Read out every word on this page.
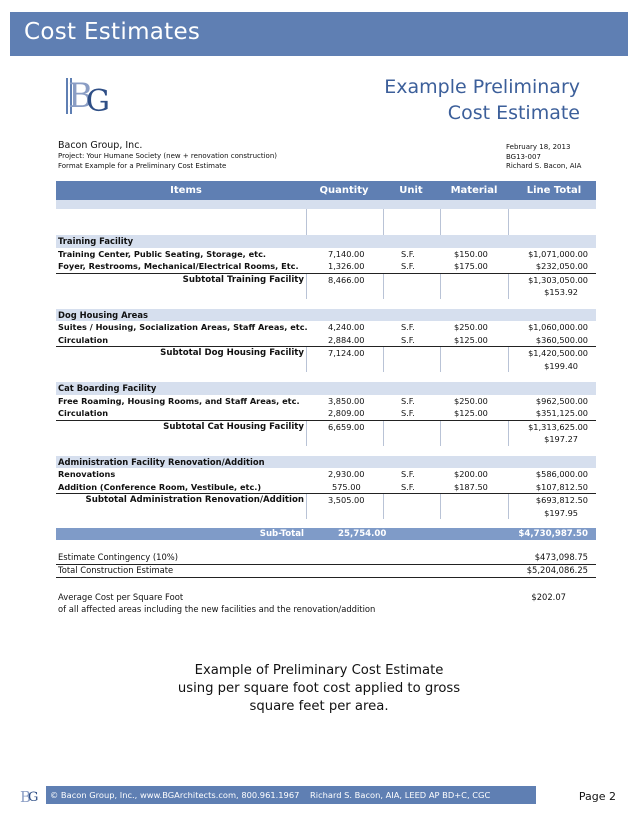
Cost Estimates
B
G	Example Preliminary
Cost Estimate
Bacon Group, Inc.
Project: Your Humane Society (new + renovation construction)
Format Example for a Preliminary Cost Estimate
February 18, 2013
BG13-007
Richard S. Bacon, AIA
Items	Quantity	Unit	Material	Line Total
Training Facility
Training Center, Public Seating, Storage, etc.	7,140.00	S.F.	$150.00	$1,071,000.00
Foyer, Restrooms, Mechanical/Electrical Rooms, Etc.	1,326.00	S.F.	$175.00	$232,050.00
Subtotal Training Facility	8,466.00	$1,303,050.00
$153.92
Dog Housing Areas
Suites / Housing, Socialization Areas, Staff Areas, etc. 4,240.00	S.F.	$250.00	$1,060,000.00
Circulation	2,884.00	S.F.	$125.00	$360,500.00
Subtotal Dog Housing Facility	7,124.00	$1,420,500.00
$199.40
Cat Boarding Facility
Free Roaming, Housing Rooms, and Staff Areas, etc.	3,850.00	S.F.	$250.00	$962,500.00
Circulation	2,809.00	S.F.	$125.00	$351,125.00
Subtotal Cat Housing Facility	6,659.00	$1,313,625.00
$197.27
Administration Facility Renovation/Addition
Renovations	2,930.00	S.F.	$200.00	$586,000.00
Addition (Conference Room, Vestibule, etc.)	575.00	S.F.	$187.50	$107,812.50
Subtotal Administration Renovation/Addition	3,505.00	$693,812.50
$197.95
Sub-Total	25,754.00	$4,730,987.50
Estimate Contingency (10%)	$473,098.75
Total Construction Estimate	$5,204,086.25
Average Cost per Square Foot	$202.07
of all affected areas including the new facilities and the renovation/addition
Example of Preliminary Cost Estimate
using per square foot cost applied to gross
square feet per area.
B
G © Bacon Group, Inc., www.BGArchitects.com, 800.961.1967 Richard S. Bacon, AIA, LEED AP BD+C, CGC	Page 2
